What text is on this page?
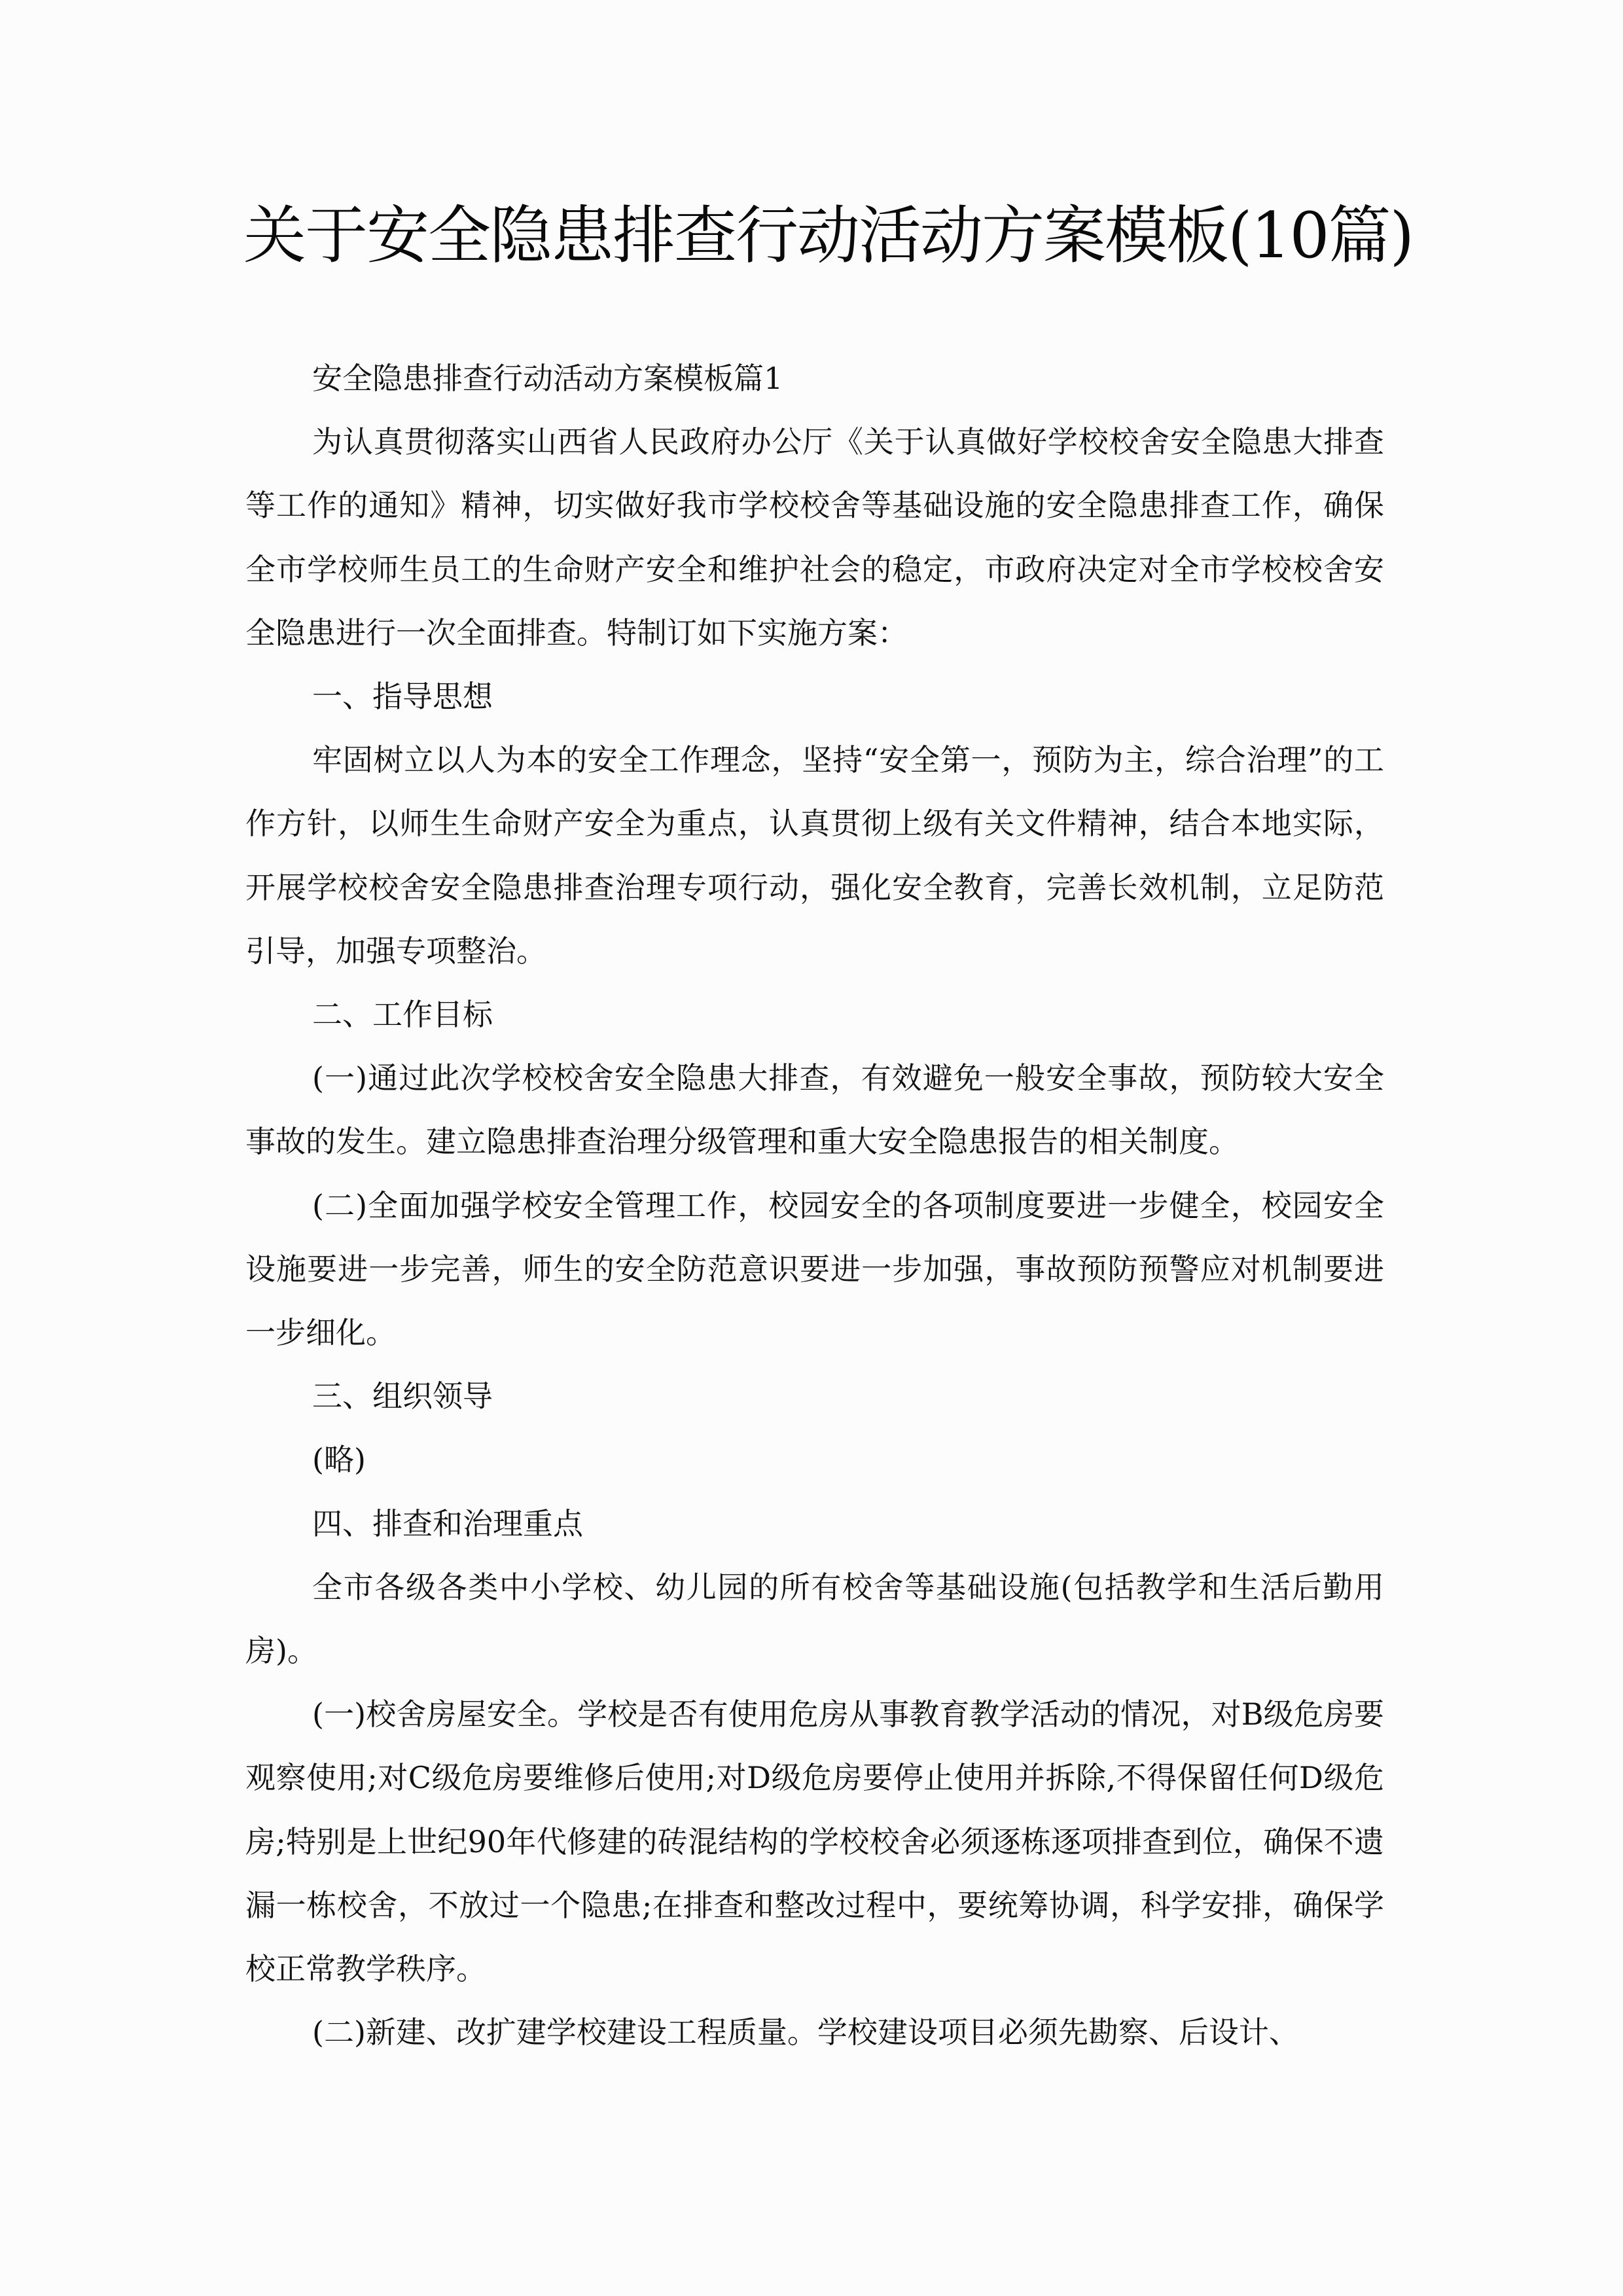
关于安全隐患排查行动活动方案模板(10篇)

安全隐患排查行动活动方案模板篇1

为认真贯彻落实山西省人民政府办公厅《关于认真做好学校校舍安全隐患大排查等工作的通知》精神，切实做好我市学校校舍等基础设施的安全隐患排查工作，确保全市学校师生员工的生命财产安全和维护社会的稳定，市政府决定对全市学校校舍安全隐患进行一次全面排查。特制订如下实施方案：

一、指导思想

牢固树立以人为本的安全工作理念，坚持“安全第一，预防为主，综合治理”的工作方针，以师生生命财产安全为重点，认真贯彻上级有关文件精神，结合本地实际，开展学校校舍安全隐患排查治理专项行动，强化安全教育，完善长效机制，立足防范引导，加强专项整治。

二、工作目标

(一)通过此次学校校舍安全隐患大排查，有效避免一般安全事故，预防较大安全事故的发生。建立隐患排查治理分级管理和重大安全隐患报告的相关制度。

(二)全面加强学校安全管理工作，校园安全的各项制度要进一步健全，校园安全设施要进一步完善，师生的安全防范意识要进一步加强，事故预防预警应对机制要进一步细化。

三、组织领导

(略)

四、排查和治理重点

全市各级各类中小学校、幼儿园的所有校舍等基础设施(包括教学和生活后勤用房)。

(一)校舍房屋安全。学校是否有使用危房从事教育教学活动的情况，对B级危房要观察使用;对C级危房要维修后使用;对D级危房要停止使用并拆除,不得保留任何D级危房;特别是上世纪90年代修建的砖混结构的学校校舍必须逐栋逐项排查到位，确保不遗漏一栋校舍，不放过一个隐患;在排查和整改过程中，要统筹协调，科学安排，确保学校正常教学秩序。

(二)新建、改扩建学校建设工程质量。学校建设项目必须先勘察、后设计、
